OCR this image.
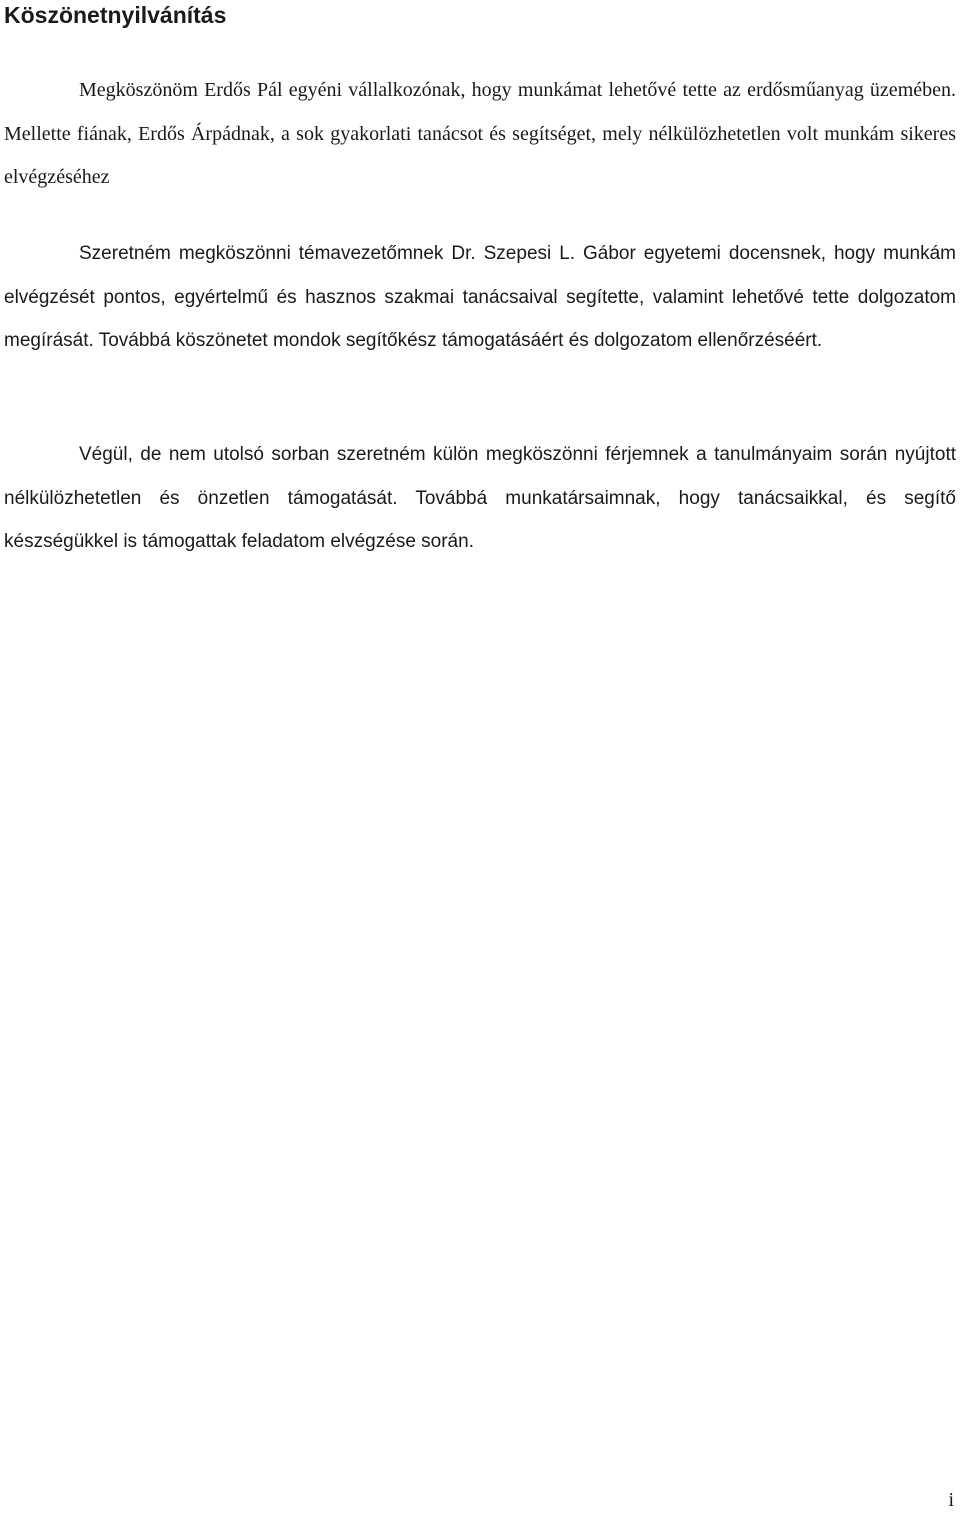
Köszönetnyilvánítás

Megköszönöm Erdős Pál egyéni vállalkozónak, hogy munkámat lehetővé tette az erdősműanyag üzemében. Mellette fiának, Erdős Árpádnak, a sok gyakorlati tanácsot és segítséget, mely nélkülözhetetlen volt munkám sikeres elvégzéséhez

Szeretném megköszönni témavezetőmnek Dr. Szepesi L. Gábor egyetemi docensnek, hogy munkám elvégzését pontos, egyértelmű és hasznos szakmai tanácsaival segítette, valamint lehetővé tette dolgozatom megírását. Továbbá köszönetet mondok segítőkész támogatásáért és dolgozatom ellenőrzéséért.

Végül, de nem utolsó sorban szeretném külön megköszönni férjemnek a tanulmányaim során nyújtott nélkülözhetetlen és önzetlen támogatását. Továbbá munkatársaimnak, hogy tanácsaikkal, és segítő készségükkel is támogattak feladatom elvégzése során.

i
